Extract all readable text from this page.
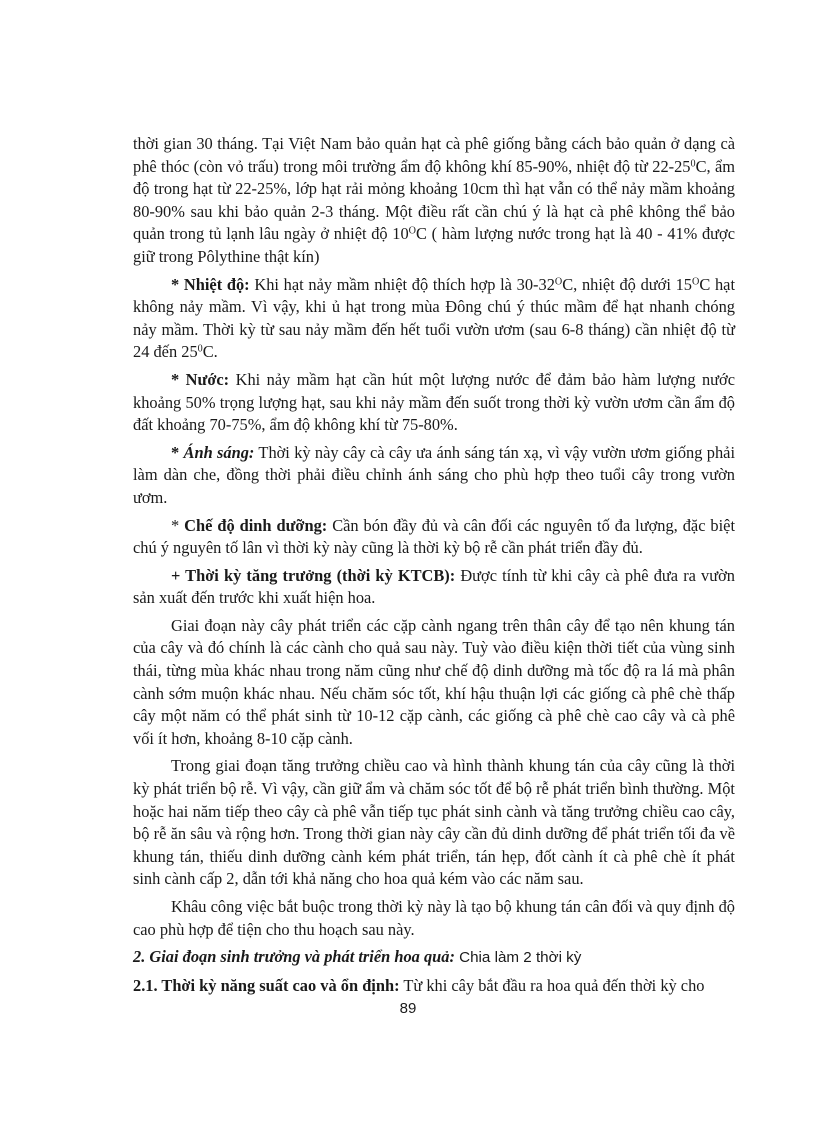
thời gian 30 tháng. Tại Việt Nam bảo quản hạt cà phê giống bằng cách bảo quản ở dạng cà phê thóc (còn vỏ trấu) trong môi trường ẩm độ không khí 85-90%, nhiệt độ từ $22-25^0C$, ẩm độ trong hạt từ 22-25%, lớp hạt rải mỏng khoảng 10cm thì hạt vẫn có thể nảy mầm khoảng 80-90% sau khi bảo quản 2-3 tháng. Một điều rất cần chú ý là hạt cà phê không thể bảo quản trong tủ lạnh lâu ngày ở nhiệt độ $10^OC$ ( hàm lượng nước trong hạt là 40 - 41% được giữ trong Pôlythine thật kín)

* Nhiệt độ: Khi hạt nảy mầm nhiệt độ thích hợp là $30-32^OC$, nhiệt độ dưới $15^OC$ hạt không nảy mầm. Vì vậy, khi ủ hạt trong mùa Đông chú ý thúc mầm để hạt nhanh chóng nảy mầm. Thời kỳ từ sau nảy mầm đến hết tuổi vườn ươm (sau 6-8 tháng) cần nhiệt độ từ 24 đến $25^0C$.

* Nước: Khi nảy mầm hạt cần hút một lượng nước để đảm bảo hàm lượng nước khoảng 50% trọng lượng hạt, sau khi nảy mầm đến suốt trong thời kỳ vườn ươm cần ẩm độ đất khoảng 70-75%, ẩm độ không khí từ 75-80%.

* Ánh sáng: Thời kỳ này cây cà cây ưa ánh sáng tán xạ, vì vậy vườn ươm giống phải làm dàn che, đồng thời phải điều chỉnh ánh sáng cho phù hợp theo tuổi cây trong vườn ươm.

* Chế độ dinh dưỡng: Cần bón đầy đủ và cân đối các nguyên tố đa lượng, đặc biệt chú ý nguyên tố lân vì thời kỳ này cũng là thời kỳ bộ rễ cần phát triển đầy đủ.

+ Thời kỳ tăng trưởng (thời kỳ KTCB): Được tính từ khi cây cà phê đưa ra vườn sản xuất đến trước khi xuất hiện hoa.

Giai đoạn này cây phát triển các cặp cành ngang trên thân cây để tạo nên khung tán của cây và đó chính là các cành cho quả sau này. Tuỳ vào điều kiện thời tiết của vùng sinh thái, từng mùa khác nhau trong năm cũng như chế độ dinh dưỡng mà tốc độ ra lá mà phân cành sớm muộn khác nhau. Nếu chăm sóc tốt, khí hậu thuận lợi các giống cà phê chè thấp cây một năm có thể phát sinh từ 10-12 cặp cành, các giống cà phê chè cao cây và cà phê vối ít hơn, khoảng 8-10 cặp cành.

Trong giai đoạn tăng trưởng chiều cao và hình thành khung tán của cây cũng là thời kỳ phát triển bộ rễ. Vì vậy, cần giữ ẩm và chăm sóc tốt để bộ rễ phát triển bình thường. Một hoặc hai năm tiếp theo cây cà phê vẫn tiếp tục phát sinh cành và tăng trưởng chiều cao cây, bộ rễ ăn sâu và rộng hơn. Trong thời gian này cây cần đủ dinh dưỡng để phát triển tối đa về khung tán, thiếu dinh dưỡng cành kém phát triển, tán hẹp, đốt cành ít cà phê chè ít phát sinh cành cấp 2, dẫn tới khả năng cho hoa quả kém vào các năm sau.

Khâu công việc bắt buộc trong thời kỳ này là tạo bộ khung tán cân đối và quy định độ cao phù hợp để tiện cho thu hoạch sau này.

2. Giai đoạn sinh trưởng và phát triển hoa quả: Chia làm 2 thời kỳ

2.1. Thời kỳ năng suất cao và ổn định: Từ khi cây bắt đầu ra hoa quả đến thời kỳ cho

89
